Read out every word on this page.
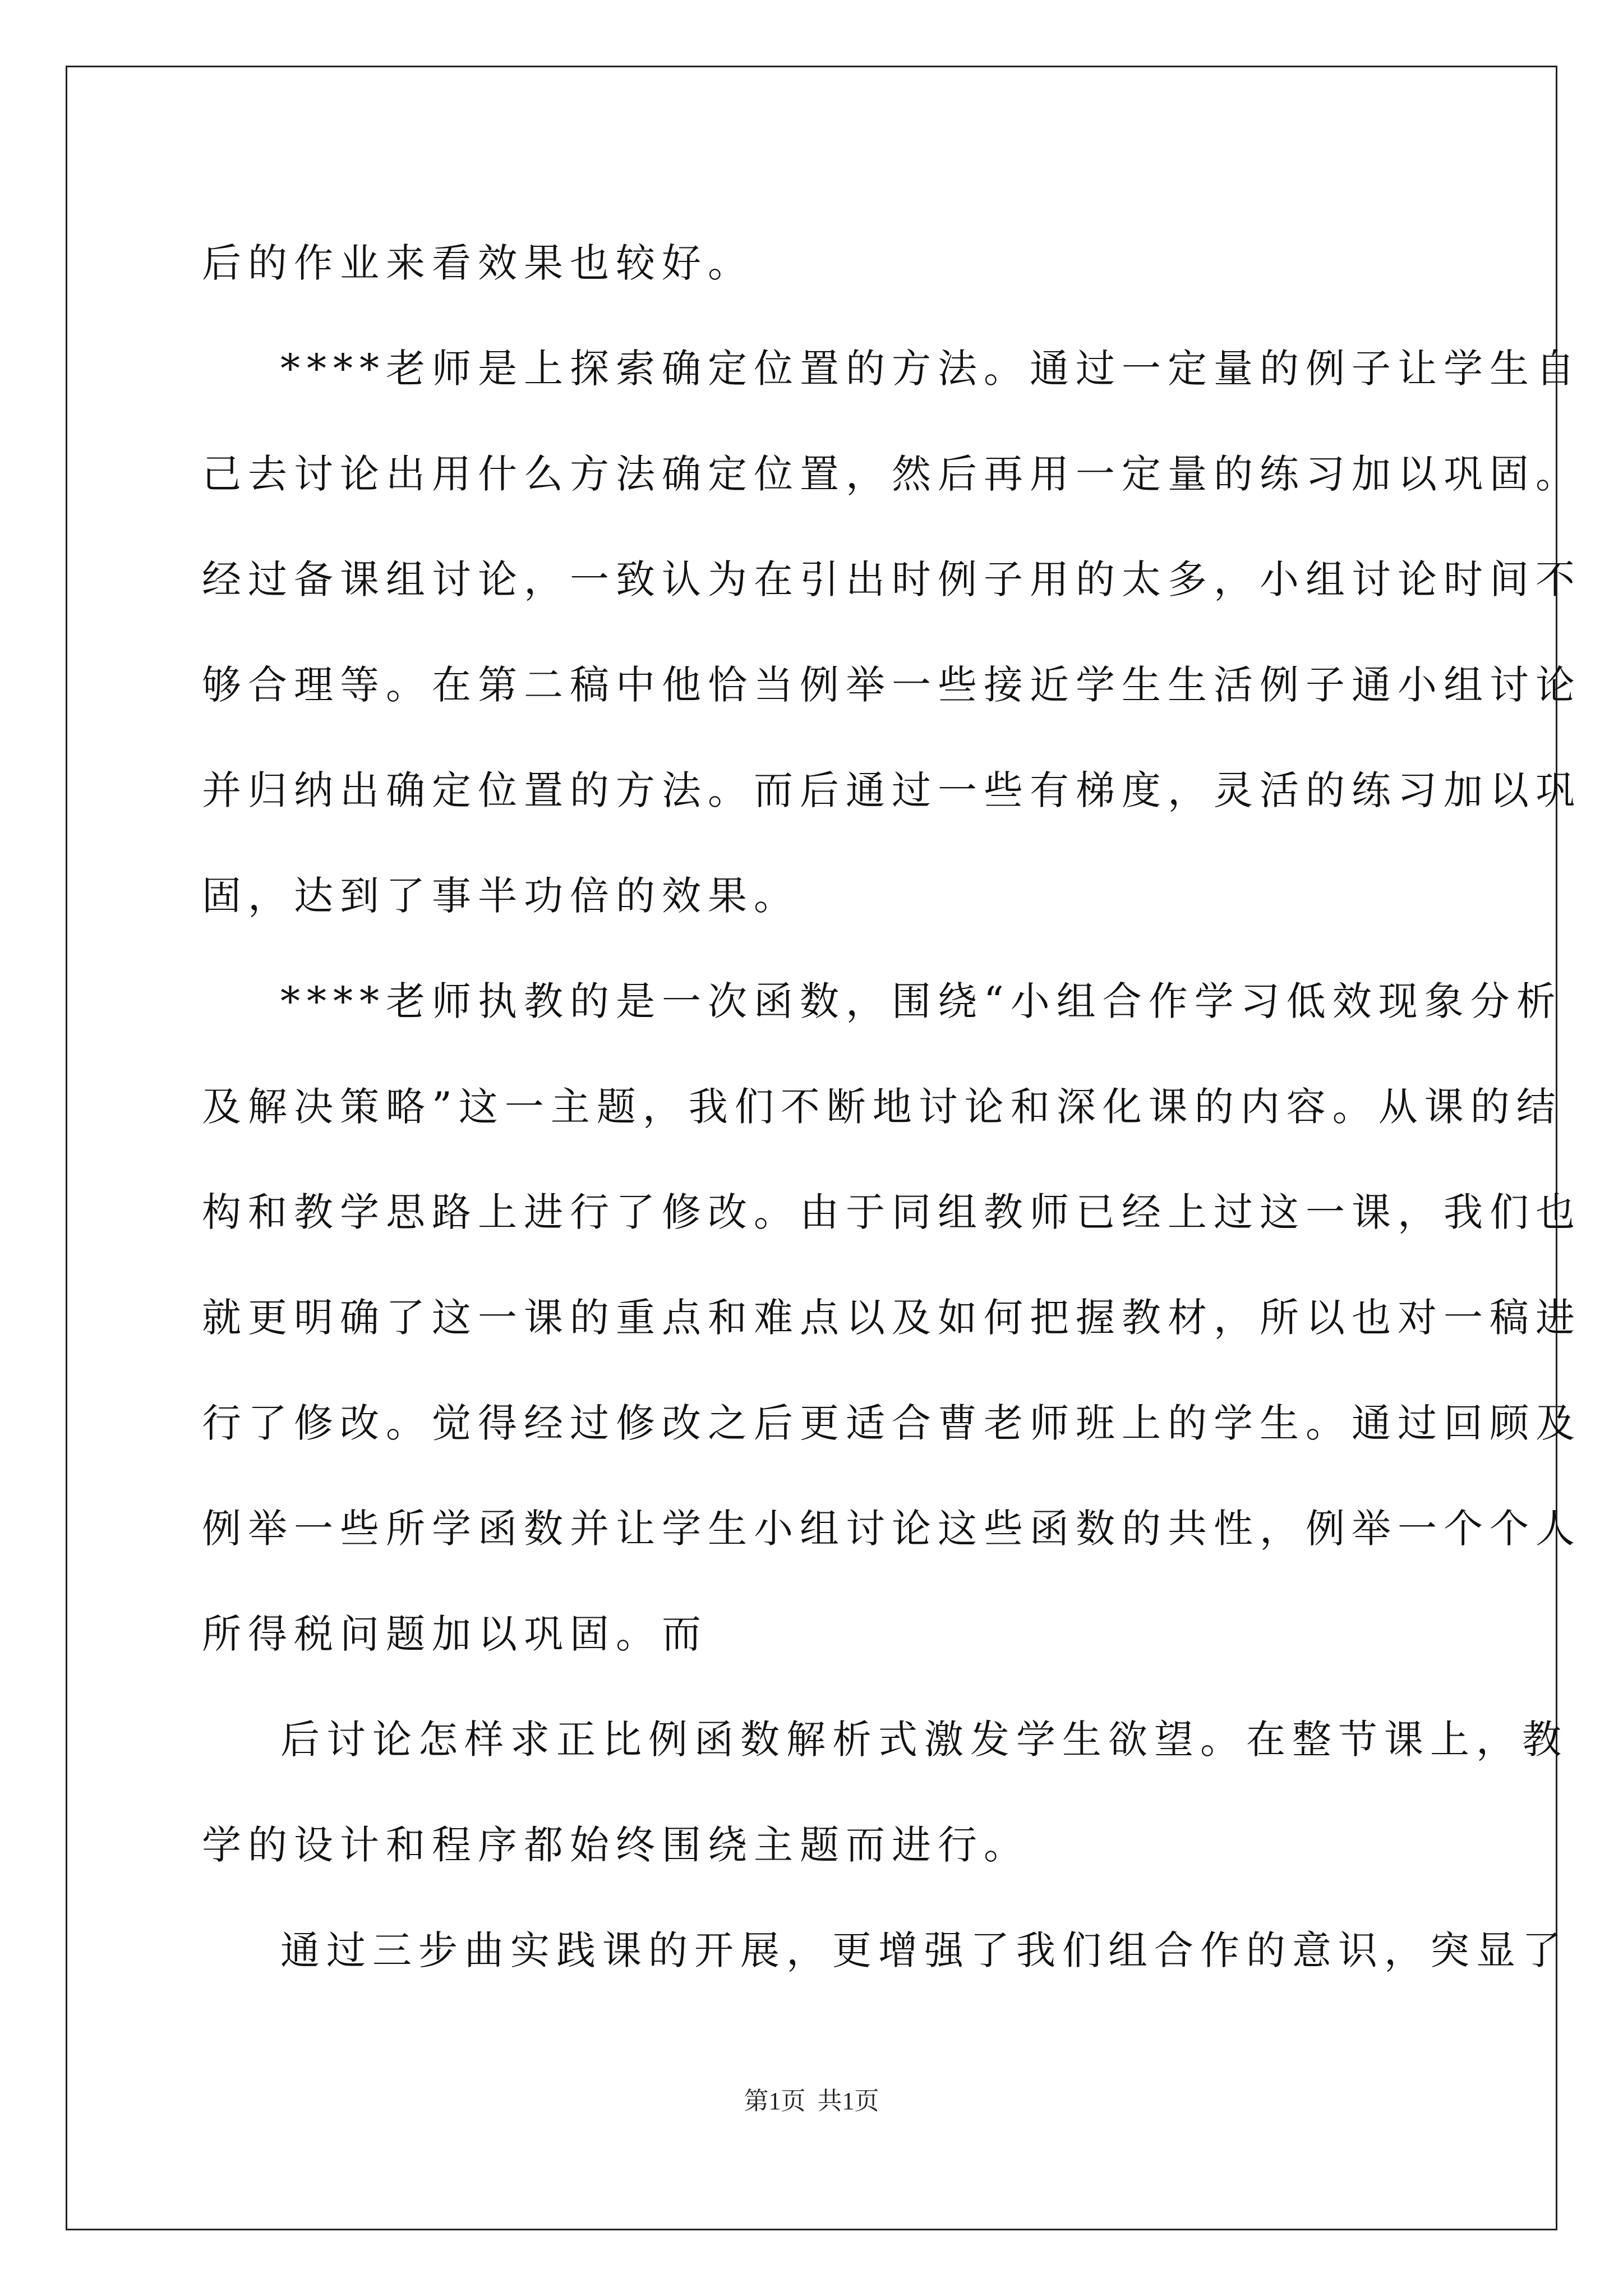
后的作业来看效果也较好。
****老师是上探索确定位置的方法。通过一定量的例子让学生自
己去讨论出用什么方法确定位置，然后再用一定量的练习加以巩固。
经过备课组讨论，一致认为在引出时例子用的太多，小组讨论时间不
够合理等。在第二稿中他恰当例举一些接近学生生活例子通小组讨论
并归纳出确定位置的方法。而后通过一些有梯度，灵活的练习加以巩
固，达到了事半功倍的效果。
****老师执教的是一次函数，围绕“小组合作学习低效现象分析
及解决策略”这一主题，我们不断地讨论和深化课的内容。从课的结
构和教学思路上进行了修改。由于同组教师已经上过这一课，我们也
就更明确了这一课的重点和难点以及如何把握教材，所以也对一稿进
行了修改。觉得经过修改之后更适合曹老师班上的学生。通过回顾及
例举一些所学函数并让学生小组讨论这些函数的共性，例举一个个人
所得税问题加以巩固。而
后讨论怎样求正比例函数解析式激发学生欲望。在整节课上，教
学的设计和程序都始终围绕主题而进行。
通过三步曲实践课的开展，更增强了我们组合作的意识，突显了
第1页 共1页
